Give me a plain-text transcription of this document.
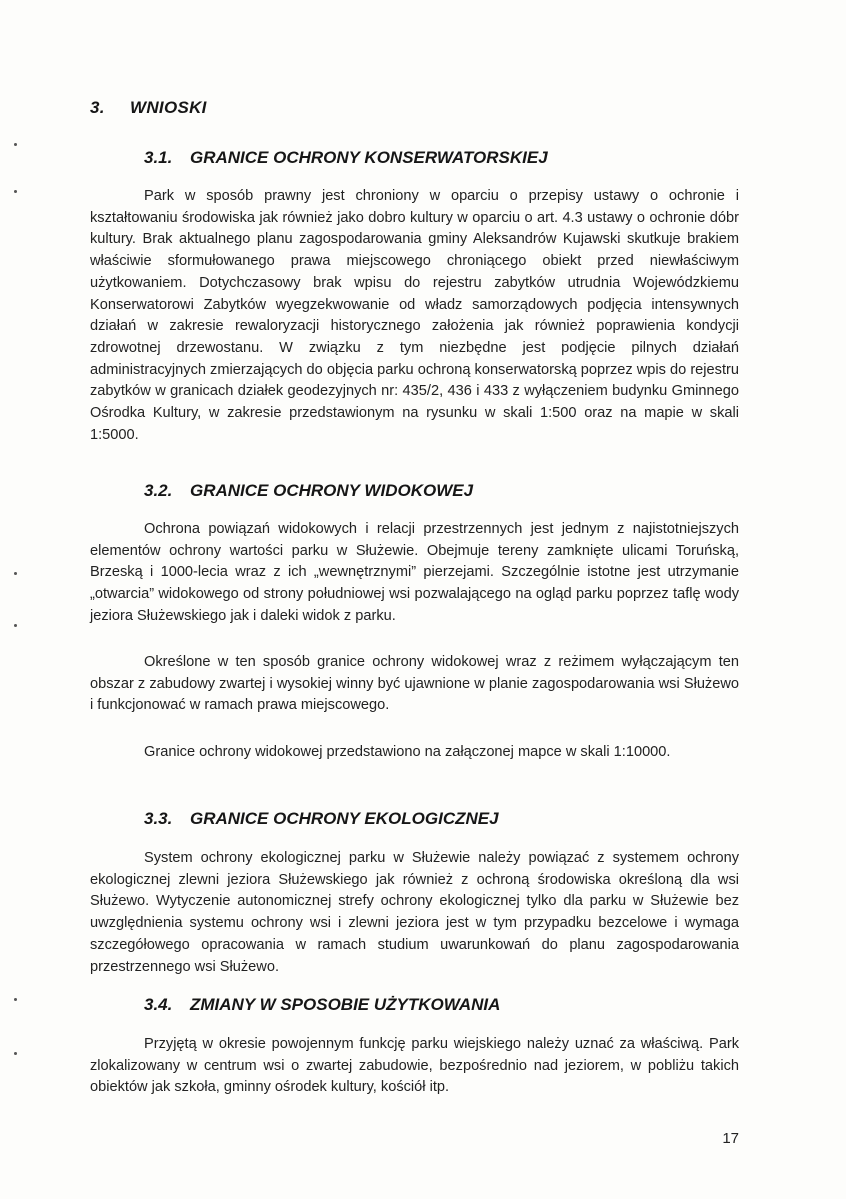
3. WNIOSKI
3.1. GRANICE OCHRONY KONSERWATORSKIEJ

Park w sposób prawny jest chroniony w oparciu o przepisy ustawy o ochronie i kształtowaniu środowiska jak również jako dobro kultury w oparciu o art. 4.3 ustawy o ochronie dóbr kultury. Brak aktualnego planu zagospodarowania gminy Aleksandrów Kujawski skutkuje brakiem właściwie sformułowanego prawa miejscowego chroniącego obiekt przed niewłaściwym użytkowaniem. Dotychczasowy brak wpisu do rejestru zabytków utrudnia Wojewódzkiemu Konserwatorowi Zabytków wyegzekwowanie od władz samorządowych podjęcia intensywnych działań w zakresie rewaloryzacji historycznego założenia jak również poprawienia kondycji zdrowotnej drzewostanu. W związku z tym niezbędne jest podjęcie pilnych działań administracyjnych zmierzających do objęcia parku ochroną konserwatorską poprzez wpis do rejestru zabytków w granicach działek geodezyjnych nr: 435/2, 436 i 433 z wyłączeniem budynku Gminnego Ośrodka Kultury, w zakresie przedstawionym na rysunku w skali 1:500 oraz na mapie w skali 1:5000.

3.2. GRANICE OCHRONY WIDOKOWEJ

Ochrona powiązań widokowych i relacji przestrzennych jest jednym z najistotniejszych elementów ochrony wartości parku w Służewie. Obejmuje tereny zamknięte ulicami Toruńską, Brzeską i 1000-lecia wraz z ich „wewnętrznymi” pierzejami. Szczególnie istotne jest utrzymanie „otwarcia” widokowego od strony południowej wsi pozwalającego na ogląd parku poprzez taflę wody jeziora Służewskiego jak i daleki widok z parku.

Określone w ten sposób granice ochrony widokowej wraz z reżimem wyłączającym ten obszar z zabudowy zwartej i wysokiej winny być ujawnione w planie zagospodarowania wsi Służewo i funkcjonować w ramach prawa miejscowego.

Granice ochrony widokowej przedstawiono na załączonej mapce w skali 1:10000.

3.3. GRANICE OCHRONY EKOLOGICZNEJ

System ochrony ekologicznej parku w Służewie należy powiązać z systemem ochrony ekologicznej zlewni jeziora Służewskiego jak również z ochroną środowiska określoną dla wsi Służewo. Wytyczenie autonomicznej strefy ochrony ekologicznej tylko dla parku w Służewie bez uwzględnienia systemu ochrony wsi i zlewni jeziora jest w tym przypadku bezcelowe i wymaga szczegółowego opracowania w ramach studium uwarunkowań do planu zagospodarowania przestrzennego wsi Służewo.

3.4. ZMIANY W SPOSOBIE UŻYTKOWANIA

Przyjętą w okresie powojennym funkcję parku wiejskiego należy uznać za właściwą. Park zlokalizowany w centrum wsi o zwartej zabudowie, bezpośrednio nad jeziorem, w pobliżu takich obiektów jak szkoła, gminny ośrodek kultury, kościół itp.

17
